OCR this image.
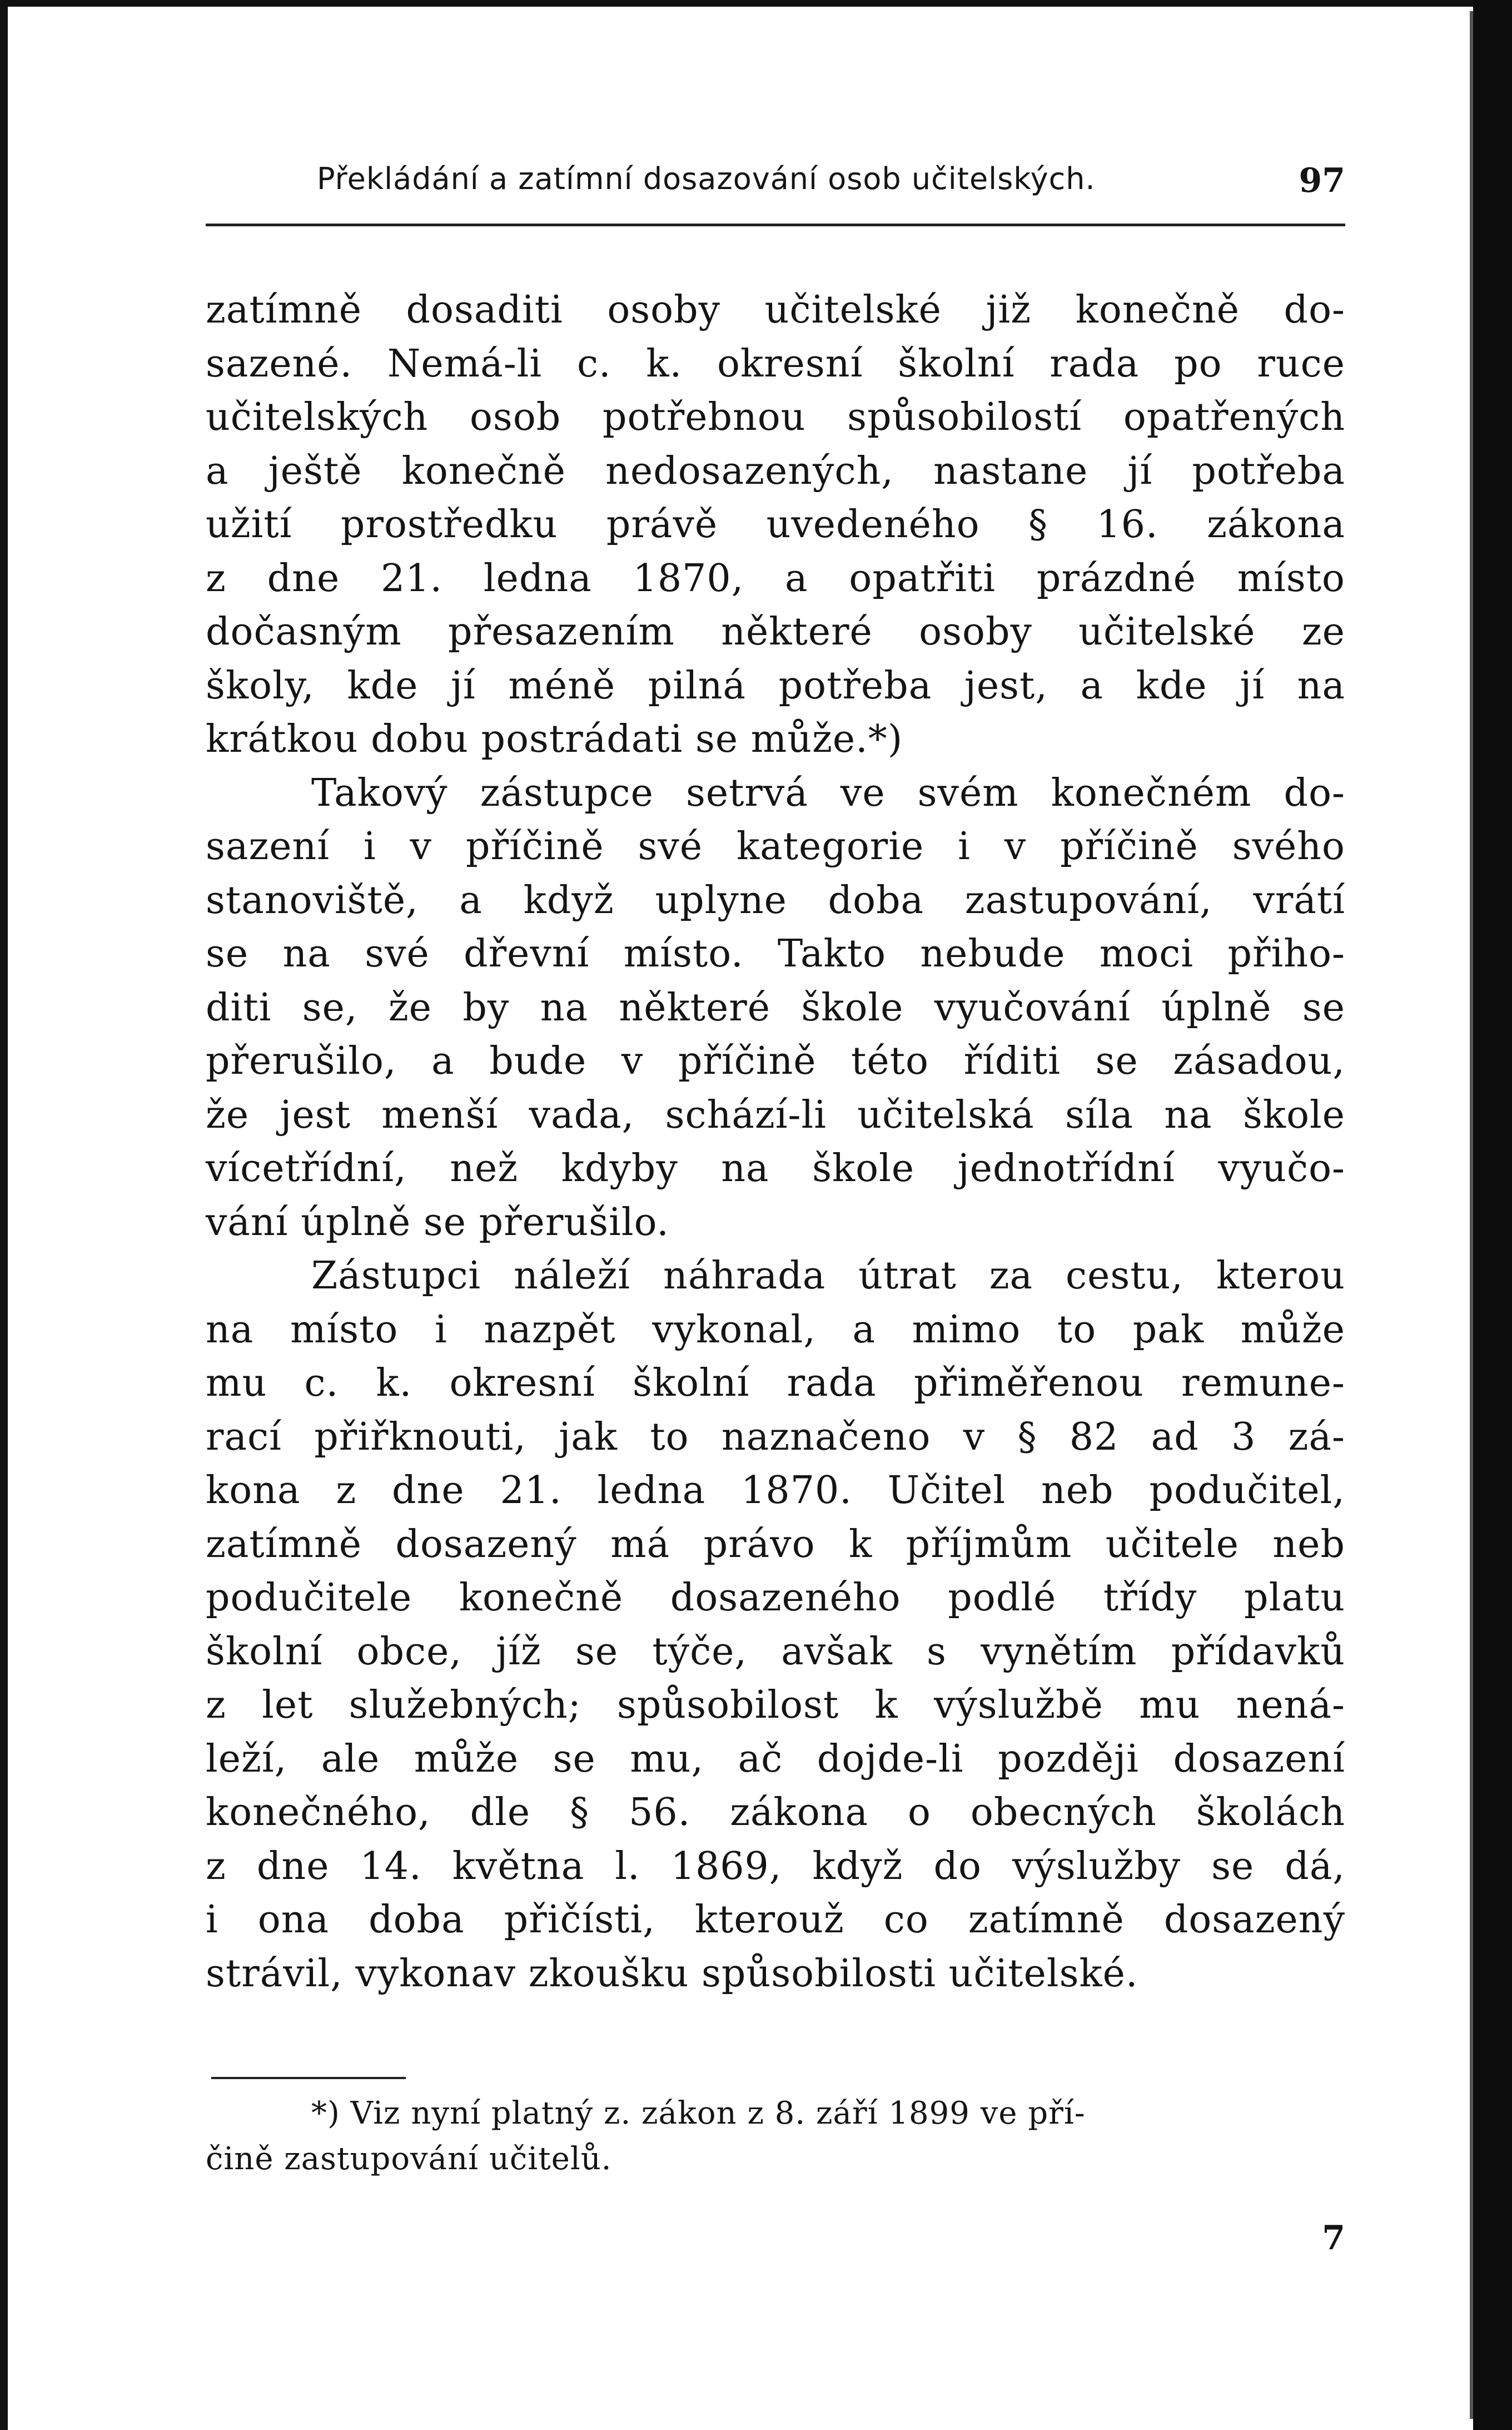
Překládání a zatímní dosazování osob učitelských.	97
zatímně dosaditi osoby učitelské již konečně do-
sazené. Nemá-li c. k. okresní školní rada po ruce
učitelských osob potřebnou spůsobilostí opatřených
a ještě konečně nedosazených, nastane jí potřeba
užití prostředku právě uvedeného § 16. zákona
z dne 21. ledna 1870, a opatřiti prázdné místo
dočasným přesazením některé osoby učitelské ze
školy, kde jí méně pilná potřeba jest, a kde jí na
krátkou dobu postrádati se může.*)
Takový zástupce setrvá ve svém konečném do-
sazení i v příčině své kategorie i v příčině svého
stanoviště, a když uplyne doba zastupování, vrátí
se na své dřevní místo. Takto nebude moci přiho-
diti se, že by na některé škole vyučování úplně se
přerušilo, a bude v příčině této říditi se zásadou,
že jest menší vada, schází-li učitelská síla na škole
vícetřídní, než kdyby na škole jednotřídní vyučo-
vání úplně se přerušilo.
Zástupci náleží náhrada útrat za cestu, kterou
na místo i nazpět vykonal, a mimo to pak může
mu c. k. okresní školní rada přiměřenou remune-
rací přiřknouti, jak to naznačeno v § 82 ad 3 zá-
kona z dne 21. ledna 1870. Učitel neb podučitel,
zatímně dosazený má právo k příjmům učitele neb
podučitele konečně dosazeného podlé třídy platu
školní obce, jíž se týče, avšak s vynětím přídavků
z let služebných; spůsobilost k výslužbě mu nená-
leží, ale může se mu, ač dojde-li později dosazení
konečného, dle § 56. zákona o obecných školách
z dne 14. května l. 1869, když do výslužby se dá,
i ona doba přičísti, kterouž co zatímně dosazený
strávil, vykonav zkoušku spůsobilosti učitelské.
*) Viz nyní platný z. zákon z 8. září 1899 ve pří-
čině zastupování učitelů.
7
